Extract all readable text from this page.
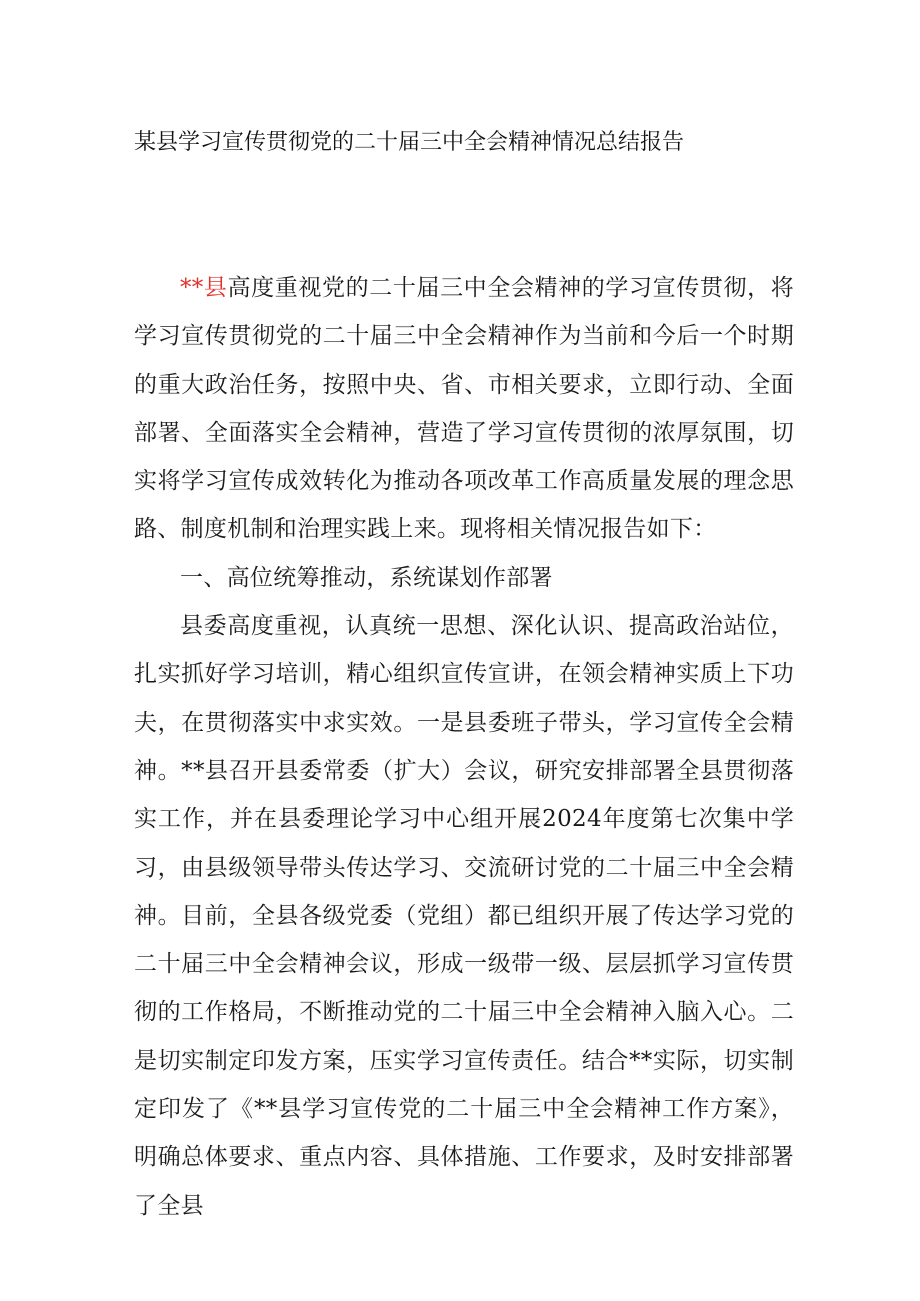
某县学习宣传贯彻党的二十届三中全会精神情况总结报告

**县高度重视党的二十届三中全会精神的学习宣传贯彻，将学习宣传贯彻党的二十届三中全会精神作为当前和今后一个时期的重大政治任务，按照中央、省、市相关要求，立即行动、全面部署、全面落实全会精神，营造了学习宣传贯彻的浓厚氛围，切实将学习宣传成效转化为推动各项改革工作高质量发展的理念思路、制度机制和治理实践上来。现将相关情况报告如下：

一、高位统筹推动，系统谋划作部署

县委高度重视，认真统一思想、深化认识、提高政治站位，扎实抓好学习培训，精心组织宣传宣讲，在领会精神实质上下功夫，在贯彻落实中求实效。一是县委班子带头，学习宣传全会精神。**县召开县委常委（扩大）会议，研究安排部署全县贯彻落实工作，并在县委理论学习中心组开展2024年度第七次集中学习，由县级领导带头传达学习、交流研讨党的二十届三中全会精神。目前，全县各级党委（党组）都已组织开展了传达学习党的二十届三中全会精神会议，形成一级带一级、层层抓学习宣传贯彻的工作格局，不断推动党的二十届三中全会精神入脑入心。二是切实制定印发方案，压实学习宣传责任。结合**实际，切实制定印发了《**县学习宣传党的二十届三中全会精神工作方案》，明确总体要求、重点内容、具体措施、工作要求，及时安排部署了全县
